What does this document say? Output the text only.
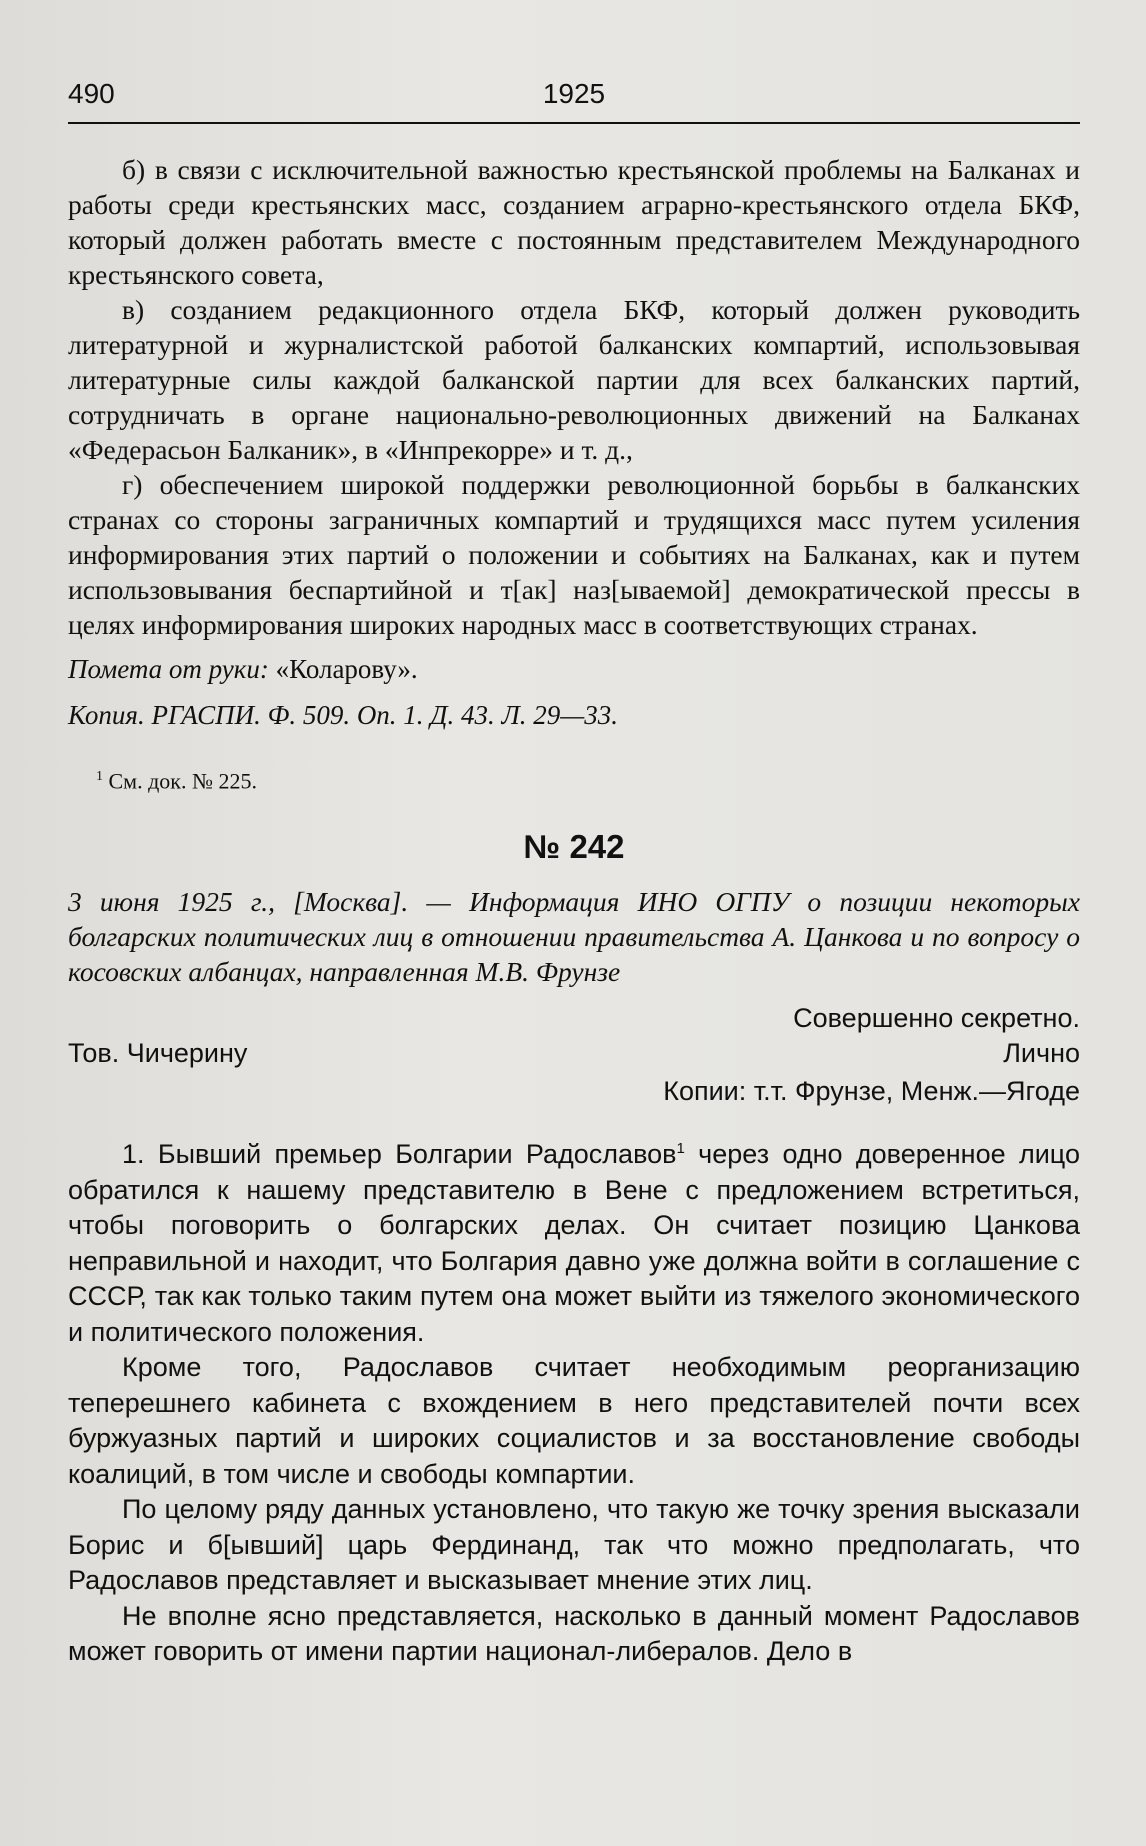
490	1925

б) в связи с исключительной важностью крестьянской проблемы на Балканах и работы среди крестьянских масс, созданием аграрно-крестьянского отдела БКФ, который должен работать вместе с постоянным представителем Международного крестьянского совета,

в) созданием редакционного отдела БКФ, который должен руководить литературной и журналистской работой балканских компартий, использовывая литературные силы каждой балканской партии для всех балканских партий, сотрудничать в органе национально-революционных движений на Балканах «Федерасьон Балканик», в «Инпрекорре» и т. д.,

г) обеспечением широкой поддержки революционной борьбы в балканских странах со стороны заграничных компартий и трудящихся масс путем усиления информирования этих партий о положении и событиях на Балканах, как и путем использовывания беспартийной и т[ак] наз[ываемой] демократической прессы в целях информирования широких народных масс в соответствующих странах.

Помета от руки: «Коларову».

Копия. РГАСПИ. Ф. 509. Оп. 1. Д. 43. Л. 29—33.

$^1$ См. док. № 225.

№ 242

3 июня 1925 г., [Москва]. — Информация ИНО ОГПУ о позиции некоторых болгарских политических лиц в отношении правительства А. Цанкова и по вопросу о косовских албанцах, направленная М.В. Фрунзе

Совершенно секретно.
Тов. Чичерину	Лично
Копии: т.т. Фрунзе, Менж.—Ягоде

1. Бывший премьер Болгарии Радославов$^1$ через одно доверенное лицо обратился к нашему представителю в Вене с предложением встретиться, чтобы поговорить о болгарских делах. Он считает позицию Цанкова неправильной и находит, что Болгария давно уже должна войти в соглашение с СССР, так как только таким путем она может выйти из тяжелого экономического и политического положения.

Кроме того, Радославов считает необходимым реорганизацию теперешнего кабинета с вхождением в него представителей почти всех буржуазных партий и широких социалистов и за восстановление свободы коалиций, в том числе и свободы компартии.

По целому ряду данных установлено, что такую же точку зрения высказали Борис и б[ывший] царь Фердинанд, так что можно предполагать, что Радославов представляет и высказывает мнение этих лиц.

Не вполне ясно представляется, насколько в данный момент Радославов может говорить от имени партии национал-либералов. Дело в
